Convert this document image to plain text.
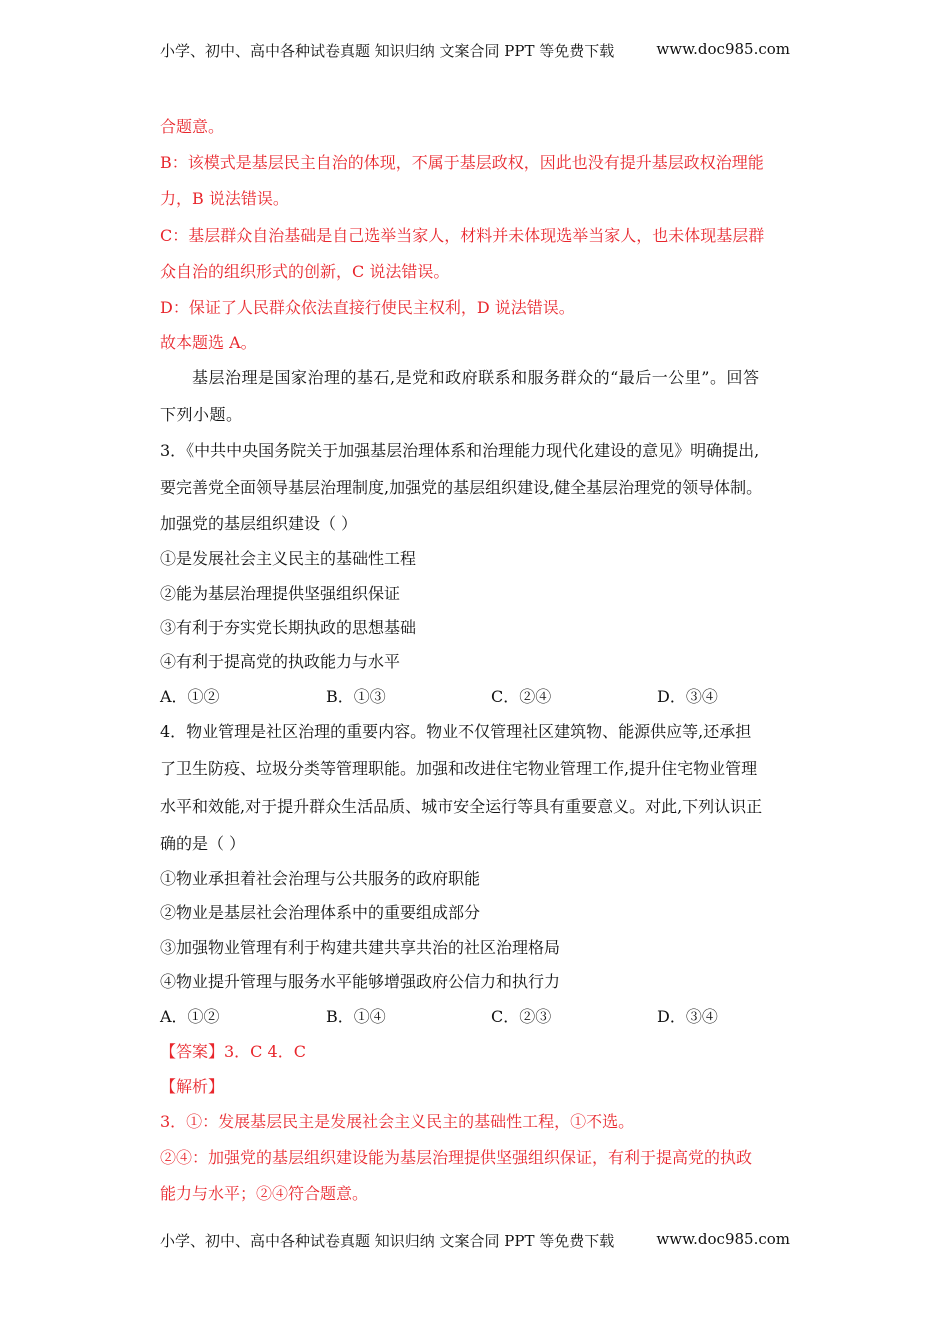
小学、初中、高中各种试卷真题 知识归纳 文案合同 PPT 等免费下载	www.doc985.com
合题意。
B：该模式是基层民主自治的体现，不属于基层政权，因此也没有提升基层政权治理能
力，B 说法错误。
C：基层群众自治基础是自己选举当家人，材料并未体现选举当家人，也未体现基层群
众自治的组织形式的创新，C 说法错误。
D：保证了人民群众依法直接行使民主权利，D 说法错误。
故本题选 A。
基层治理是国家治理的基石,是党和政府联系和服务群众的“最后一公里”。回答
下列小题。
3．《中共中央国务院关于加强基层治理体系和治理能力现代化建设的意见》明确提出,
要完善党全面领导基层治理制度,加强党的基层组织建设,健全基层治理党的领导体制。
加强党的基层组织建设（ ）
①是发展社会主义民主的基础性工程
②能为基层治理提供坚强组织保证
③有利于夯实党长期执政的思想基础
④有利于提高党的执政能力与水平
A．①②	B．①③	C．②④	D．③④
4．物业管理是社区治理的重要内容。物业不仅管理社区建筑物、能源供应等,还承担
了卫生防疫、垃圾分类等管理职能。加强和改进住宅物业管理工作,提升住宅物业管理
水平和效能,对于提升群众生活品质、城市安全运行等具有重要意义。对此,下列认识正
确的是（ ）
①物业承担着社会治理与公共服务的政府职能
②物业是基层社会治理体系中的重要组成部分
③加强物业管理有利于构建共建共享共治的社区治理格局
④物业提升管理与服务水平能够增强政府公信力和执行力
A．①②	B．①④	C．②③	D．③④
【答案】3．C 4．C
【解析】
3．①：发展基层民主是发展社会主义民主的基础性工程，①不选。
②④：加强党的基层组织建设能为基层治理提供坚强组织保证，有利于提高党的执政
能力与水平；②④符合题意。
小学、初中、高中各种试卷真题 知识归纳 文案合同 PPT 等免费下载	www.doc985.com
